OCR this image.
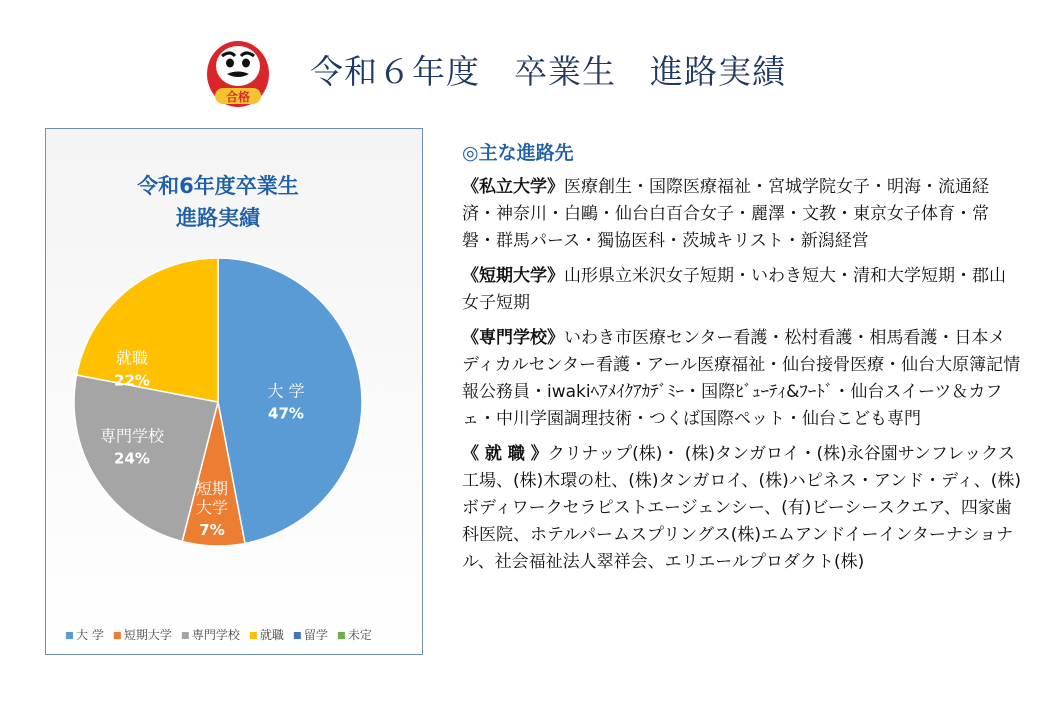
合格
令和６年度　卒業生　進路実績
令和6年度卒業生
進路実績
大 学
47%
短期
大学
7%
専門学校
24%
就職
22%
大 学 短期大学 専門学校 就職 留学 未定
◎主な進路先
《私立大学》医療創生・国際医療福祉・宮城学院女子・明海・流通経済・神奈川・白鷗・仙台白百合女子・麗澤・文教・東京女子体育・常磐・群馬パース・獨協医科・茨城キリスト・新潟経営
《短期大学》山形県立米沢女子短期・いわき短大・清和大学短期・郡山女子短期
《専門学校》いわき市医療センター看護・松村看護・相馬看護・日本メディカルセンター看護・アール医療福祉・仙台接骨医療・仙台大原簿記情報公務員・iwakiﾍｱﾒｲｸｱｶﾃﾞﾐｰ・国際ﾋﾞｭｰﾃｨ&ﾌｰﾄﾞ・仙台スイーツ＆カフェ・中川学園調理技術・つくば国際ペット・仙台こども専門
《 就 職 》クリナップ(株)・ (株)タンガロイ・(株)永谷園サンフレックス工場、(株)木環の杜、(株)タンガロイ、(株)ハピネス・アンド・ディ、(株) ボディワークセラピストエージェンシー、(有)ビーシースクエア、四家歯科医院、ホテルパームスプリングス(株)エムアンドイーインターナショナル、社会福祉法人翠祥会、エリエールプロダクト(株)
